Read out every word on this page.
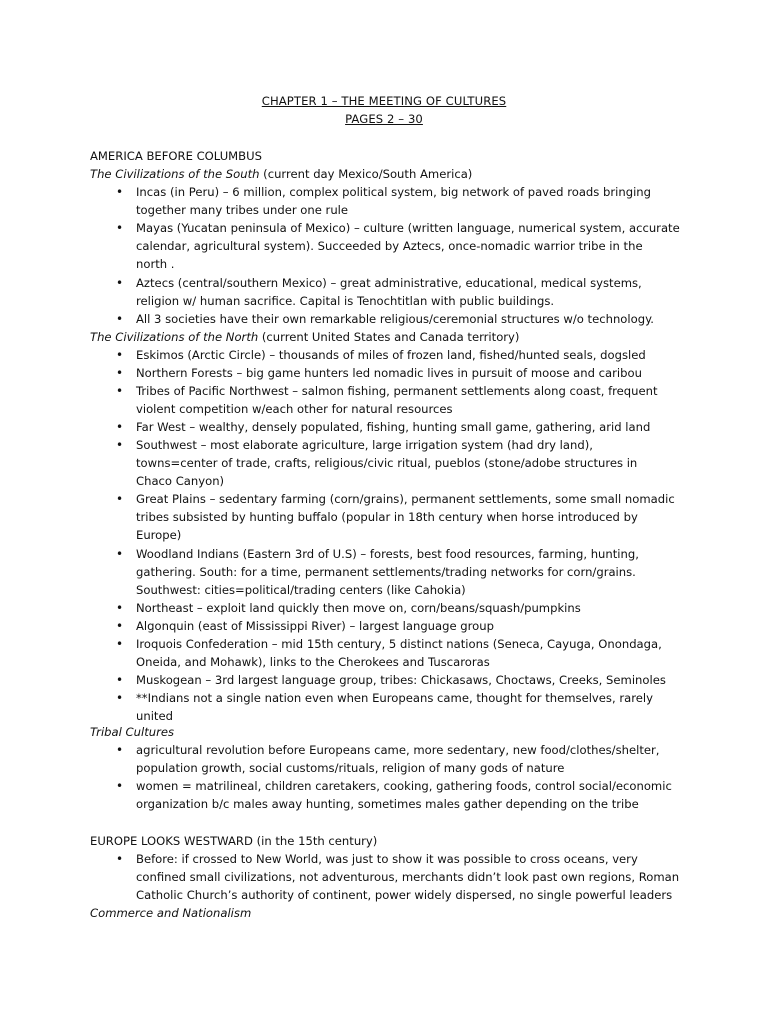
CHAPTER 1 – THE MEETING OF CULTURES
PAGES 2 – 30
AMERICA BEFORE COLUMBUS
The Civilizations of the South (current day Mexico/South America)
• Incas (in Peru) – 6 million, complex political system, big network of paved roads bringing
together many tribes under one rule
• Mayas (Yucatan peninsula of Mexico) – culture (written language, numerical system, accurate
calendar, agricultural system). Succeeded by Aztecs, once-nomadic warrior tribe in the
north .
• Aztecs (central/southern Mexico) – great administrative, educational, medical systems,
religion w/ human sacrifice. Capital is Tenochtitlan with public buildings.
• All 3 societies have their own remarkable religious/ceremonial structures w/o technology.
The Civilizations of the North (current United States and Canada territory)
• Eskimos (Arctic Circle) – thousands of miles of frozen land, fished/hunted seals, dogsled
• Northern Forests – big game hunters led nomadic lives in pursuit of moose and caribou
• Tribes of Pacific Northwest – salmon fishing, permanent settlements along coast, frequent
violent competition w/each other for natural resources
• Far West – wealthy, densely populated, fishing, hunting small game, gathering, arid land
• Southwest – most elaborate agriculture, large irrigation system (had dry land),
towns=center of trade, crafts, religious/civic ritual, pueblos (stone/adobe structures in
Chaco Canyon)
• Great Plains – sedentary farming (corn/grains), permanent settlements, some small nomadic
tribes subsisted by hunting buffalo (popular in 18th century when horse introduced by
Europe)
• Woodland Indians (Eastern 3rd of U.S) – forests, best food resources, farming, hunting,
gathering. South: for a time, permanent settlements/trading networks for corn/grains.
Southwest: cities=political/trading centers (like Cahokia)
• Northeast – exploit land quickly then move on, corn/beans/squash/pumpkins
• Algonquin (east of Mississippi River) – largest language group
• Iroquois Confederation – mid 15th century, 5 distinct nations (Seneca, Cayuga, Onondaga,
Oneida, and Mohawk), links to the Cherokees and Tuscaroras
• Muskogean – 3rd largest language group, tribes: Chickasaws, Choctaws, Creeks, Seminoles
• **Indians not a single nation even when Europeans came, thought for themselves, rarely
united
Tribal Cultures
• agricultural revolution before Europeans came, more sedentary, new food/clothes/shelter,
population growth, social customs/rituals, religion of many gods of nature
• women = matrilineal, children caretakers, cooking, gathering foods, control social/economic
organization b/c males away hunting, sometimes males gather depending on the tribe
EUROPE LOOKS WESTWARD (in the 15th century)
• Before: if crossed to New World, was just to show it was possible to cross oceans, very
confined small civilizations, not adventurous, merchants didn’t look past own regions, Roman
Catholic Church’s authority of continent, power widely dispersed, no single powerful leaders
Commerce and Nationalism
